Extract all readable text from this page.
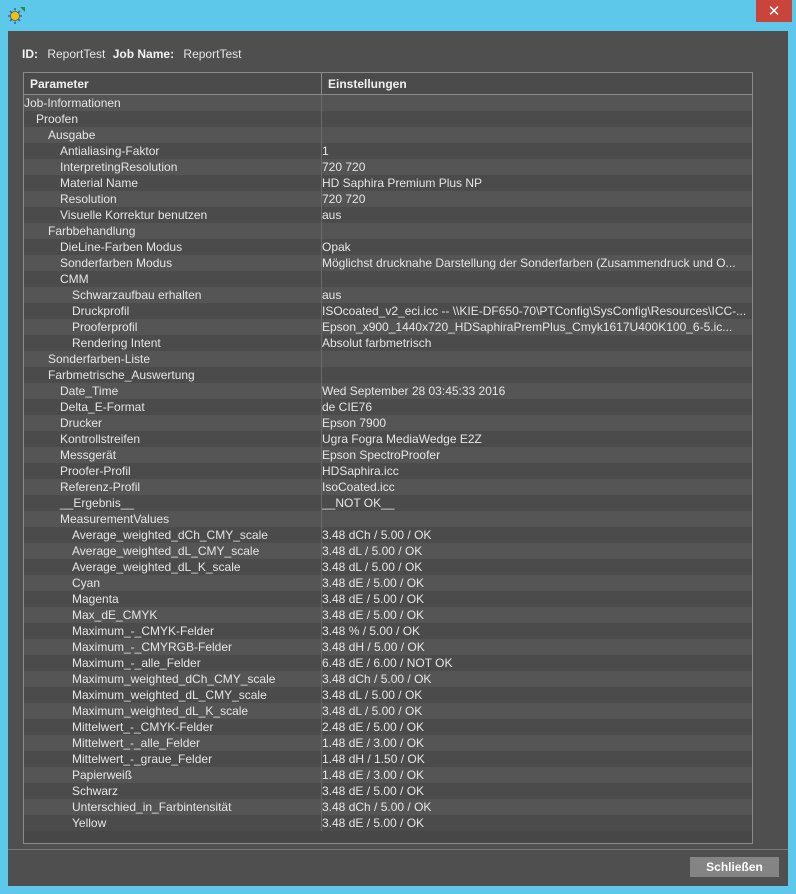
✕
ID: ReportTest Job Name: ReportTest
Parameter	Einstellungen
Job-Informationen
Proofen
Ausgabe
Antialiasing-Faktor	1
InterpretingResolution	720 720
Material Name	HD Saphira Premium Plus NP
Resolution	720 720
Visuelle Korrektur benutzen	aus
Farbbehandlung
DieLine-Farben Modus	Opak
Sonderfarben Modus	Möglichst drucknahe Darstellung der Sonderfarben (Zusammendruck und O...
CMM
Schwarzaufbau erhalten	aus
Druckprofil	ISOcoated_v2_eci.icc -- \\KIE-DF650-70\PTConfig\SysConfig\Resources\ICC-...
Prooferprofil	Epson_x900_1440x720_HDSaphiraPremPlus_Cmyk1617U400K100_6-5.ic...
Rendering Intent	Absolut farbmetrisch
Sonderfarben-Liste
Farbmetrische_Auswertung
Date_Time	Wed September 28 03:45:33 2016
Delta_E-Format	de CIE76
Drucker	Epson 7900
Kontrollstreifen	Ugra Fogra MediaWedge E2Z
Messgerät	Epson SpectroProofer
Proofer-Profil	HDSaphira.icc
Referenz-Profil	IsoCoated.icc
__Ergebnis__	__NOT OK__
MeasurementValues
Average_weighted_dCh_CMY_scale	3.48 dCh / 5.00 / OK
Average_weighted_dL_CMY_scale	3.48 dL / 5.00 / OK
Average_weighted_dL_K_scale	3.48 dL / 5.00 / OK
Cyan	3.48 dE / 5.00 / OK
Magenta	3.48 dE / 5.00 / OK
Max_dE_CMYK	3.48 dE / 5.00 / OK
Maximum_-_CMYK-Felder	3.48 % / 5.00 / OK
Maximum_-_CMYRGB-Felder	3.48 dH / 5.00 / OK
Maximum_-_alle_Felder	6.48 dE / 6.00 / NOT OK
Maximum_weighted_dCh_CMY_scale	3.48 dCh / 5.00 / OK
Maximum_weighted_dL_CMY_scale	3.48 dL / 5.00 / OK
Maximum_weighted_dL_K_scale	3.48 dL / 5.00 / OK
Mittelwert_-_CMYK-Felder	2.48 dE / 5.00 / OK
Mittelwert_-_alle_Felder	1.48 dE / 3.00 / OK
Mittelwert_-_graue_Felder	1.48 dH / 1.50 / OK
Papierweiß	1.48 dE / 3.00 / OK
Schwarz	3.48 dE / 5.00 / OK
Unterschied_in_Farbintensität	3.48 dCh / 5.00 / OK
Yellow	3.48 dE / 5.00 / OK
Schließen
